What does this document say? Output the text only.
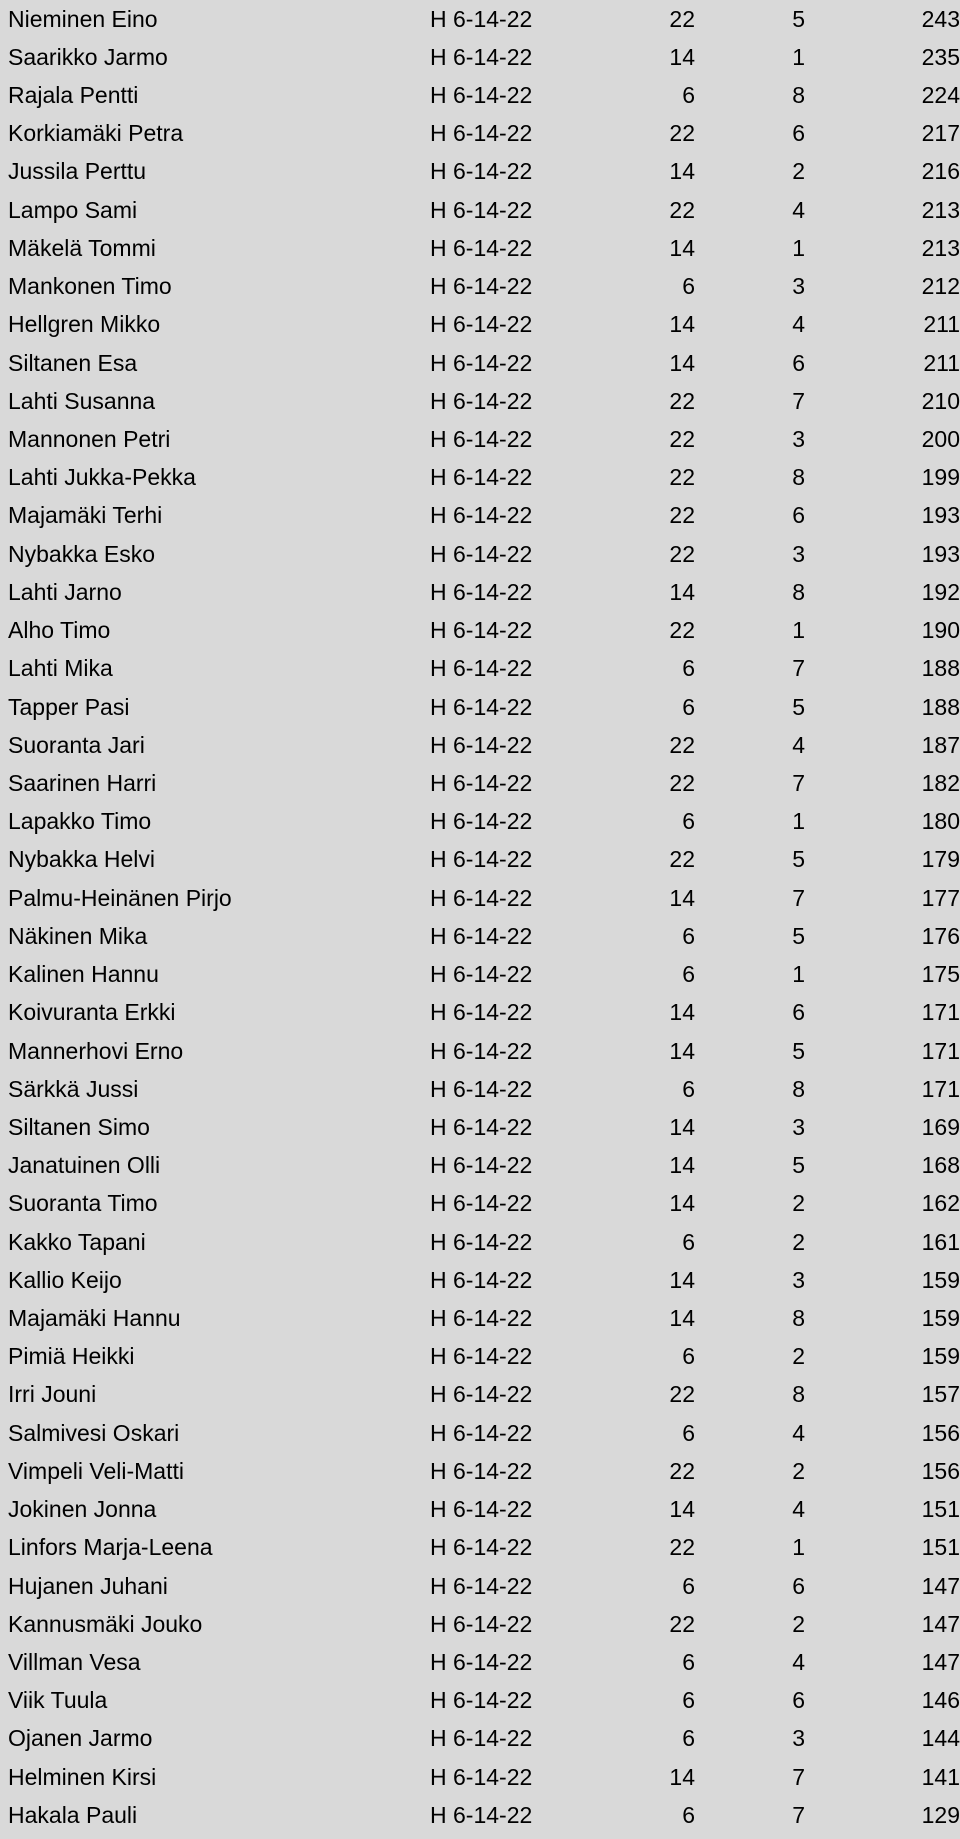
Nieminen Eino	H 6-14-22	22	5	243
Saarikko Jarmo	H 6-14-22	14	1	235
Rajala Pentti	H 6-14-22	6	8	224
Korkiamäki Petra	H 6-14-22	22	6	217
Jussila Perttu	H 6-14-22	14	2	216
Lampo Sami	H 6-14-22	22	4	213
Mäkelä Tommi	H 6-14-22	14	1	213
Mankonen Timo	H 6-14-22	6	3	212
Hellgren Mikko	H 6-14-22	14	4	211
Siltanen Esa	H 6-14-22	14	6	211
Lahti Susanna	H 6-14-22	22	7	210
Mannonen Petri	H 6-14-22	22	3	200
Lahti Jukka-Pekka	H 6-14-22	22	8	199
Majamäki Terhi	H 6-14-22	22	6	193
Nybakka Esko	H 6-14-22	22	3	193
Lahti Jarno	H 6-14-22	14	8	192
Alho Timo	H 6-14-22	22	1	190
Lahti Mika	H 6-14-22	6	7	188
Tapper Pasi	H 6-14-22	6	5	188
Suoranta Jari	H 6-14-22	22	4	187
Saarinen Harri	H 6-14-22	22	7	182
Lapakko Timo	H 6-14-22	6	1	180
Nybakka Helvi	H 6-14-22	22	5	179
Palmu-Heinänen Pirjo	H 6-14-22	14	7	177
Näkinen Mika	H 6-14-22	6	5	176
Kalinen Hannu	H 6-14-22	6	1	175
Koivuranta Erkki	H 6-14-22	14	6	171
Mannerhovi Erno	H 6-14-22	14	5	171
Särkkä Jussi	H 6-14-22	6	8	171
Siltanen Simo	H 6-14-22	14	3	169
Janatuinen Olli	H 6-14-22	14	5	168
Suoranta Timo	H 6-14-22	14	2	162
Kakko Tapani	H 6-14-22	6	2	161
Kallio Keijo	H 6-14-22	14	3	159
Majamäki Hannu	H 6-14-22	14	8	159
Pimiä Heikki	H 6-14-22	6	2	159
Irri Jouni	H 6-14-22	22	8	157
Salmivesi Oskari	H 6-14-22	6	4	156
Vimpeli Veli-Matti	H 6-14-22	22	2	156
Jokinen Jonna	H 6-14-22	14	4	151
Linfors Marja-Leena	H 6-14-22	22	1	151
Hujanen Juhani	H 6-14-22	6	6	147
Kannusmäki Jouko	H 6-14-22	22	2	147
Villman Vesa	H 6-14-22	6	4	147
Viik Tuula	H 6-14-22	6	6	146
Ojanen Jarmo	H 6-14-22	6	3	144
Helminen Kirsi	H 6-14-22	14	7	141
Hakala Pauli	H 6-14-22	6	7	129
